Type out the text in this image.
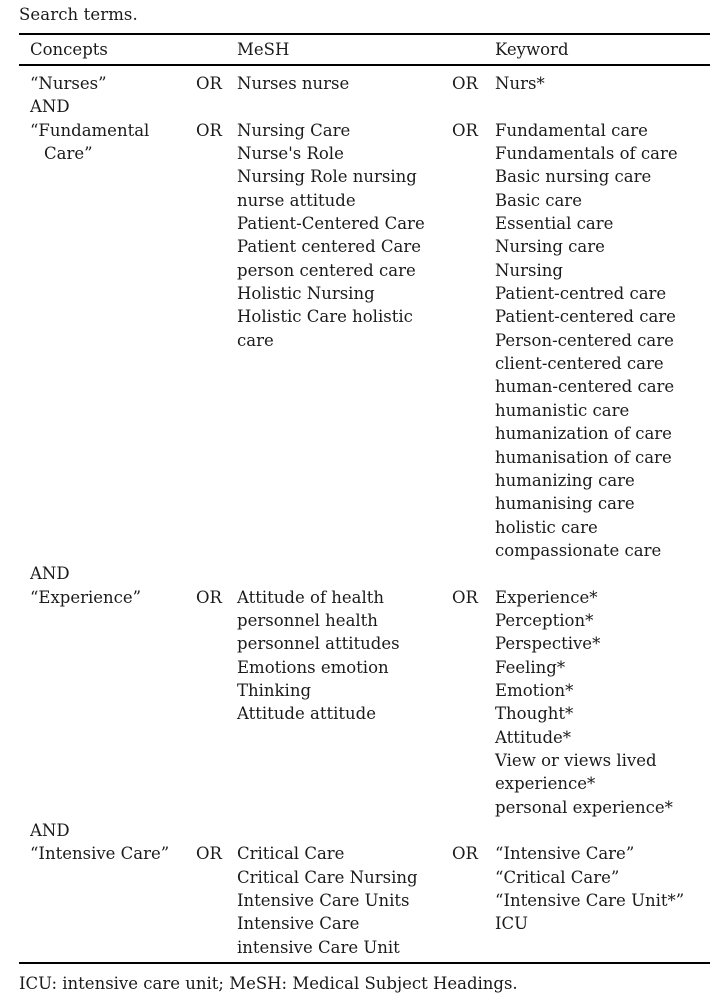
Search terms.
Concepts		MeSH		Keyword

“Nurses”	OR	Nurses nurse	OR	Nurs*

AND				

“Fundamental
Care”
	OR	Nursing Care
Nurse's Role
Nursing Role nursing
nurse attitude
Patient-Centered Care
Patient centered Care
person centered care
Holistic Nursing
Holistic Care holistic
care
	OR	Fundamental care
Fundamentals of care
Basic nursing care
Basic care
Essential care
Nursing care
Nursing
Patient-centred care
Patient-centered care
Person-centered care
client-centered care
human-centered care
humanistic care
humanization of care
humanisation of care
humanizing care
humanising care
holistic care
compassionate care

AND				

“Experience”	OR	Attitude of health
personnel health
personnel attitudes
Emotions emotion
Thinking
Attitude attitude
	OR	Experience*
Perception*
Perspective*
Feeling*
Emotion*
Thought*
Attitude*
View or views lived
experience*
personal experience*

AND				

“Intensive Care”	OR	Critical Care
Critical Care Nursing
Intensive Care Units
Intensive Care
intensive Care Unit
	OR	“Intensive Care”
“Critical Care”
“Intensive Care Unit*”
ICU
ICU: intensive care unit; MeSH: Medical Subject Headings.
